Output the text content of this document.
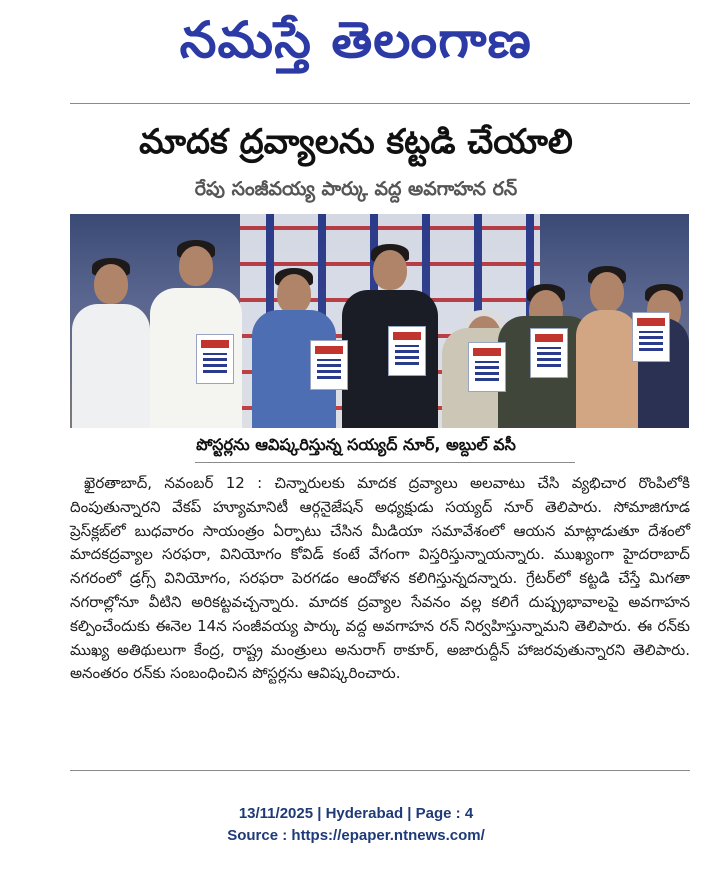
నమస్తే తెలంగాణ
మాదక ద్రవ్యాలను కట్టడి చేయాలి
రేపు సంజీవయ్య పార్కు వద్ద అవగాహన రన్
పోస్టర్లను ఆవిష్కరిస్తున్న సయ్యద్ నూర్, అబ్దుల్ వసీ

ఖైరతాబాద్, నవంబర్ 12 : చిన్నారులకు మాదక ద్రవ్యాలు అలవాటు చేసి వ్యభిచార రొంపిలోకి దింపుతున్నారని వేకప్ హ్యూమానిటీ ఆర్గనైజేషన్ అధ్యక్షుడు సయ్యద్ నూర్ తెలిపారు. సోమాజిగూడ ప్రెస్‌క్లబ్‌లో బుధవారం సాయంత్రం ఏర్పాటు చేసిన మీడియా సమావేశంలో ఆయన మాట్లాడుతూ దేశంలో మాదకద్రవ్యాల సరఫరా, వినియోగం కోవిడ్ కంటే వేగంగా విస్తరిస్తున్నాయన్నారు. ముఖ్యంగా హైదరాబాద్ నగరంలో డ్రగ్స్ వినియోగం, సరఫరా పెరగడం ఆందోళన కలిగిస్తున్నదన్నారు. గ్రేటర్‌లో కట్టడి చేస్తే మిగతా నగరాల్లోనూ వీటిని అరికట్టవచ్చన్నారు. మాదక ద్రవ్యాల సేవనం వల్ల కలిగే దుష్ప్రభావాలపై అవగాహన కల్పించేందుకు ఈనెల 14న సంజీవయ్య పార్కు వద్ద అవగాహన రన్ నిర్వహిస్తున్నామని తెలిపారు. ఈ రన్‌కు ముఖ్య అతిథులుగా కేంద్ర, రాష్ట్ర మంత్రులు అనురాగ్ ఠాకూర్, అజారుద్దీన్ హాజరవుతున్నారని తెలిపారు. అనంతరం రన్‌కు సంబంధించిన పోస్టర్లను ఆవిష్కరించారు.

13/11/2025 | Hyderabad | Page : 4
Source : https://epaper.ntnews.com/
